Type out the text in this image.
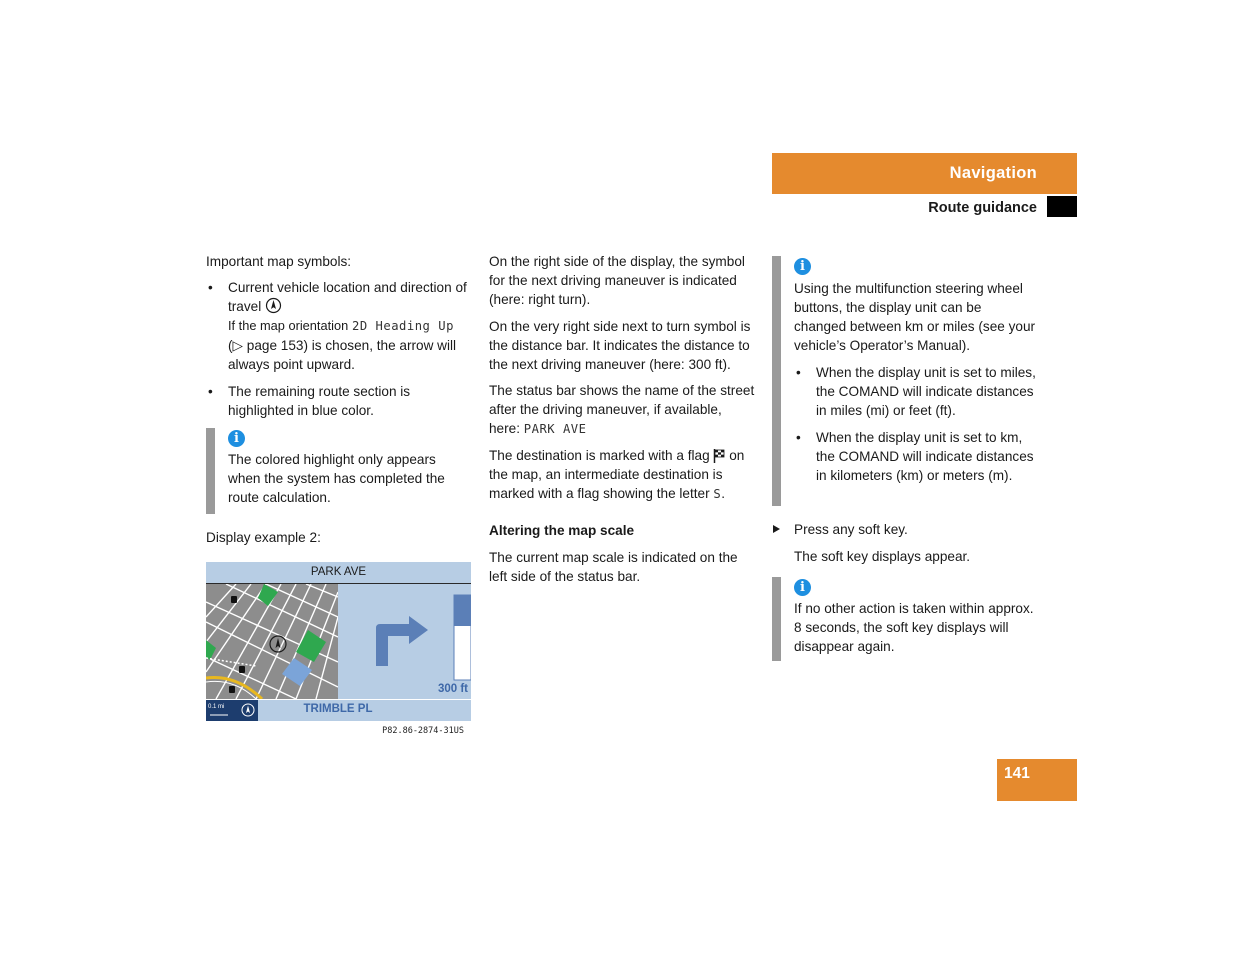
Navigation
Route guidance

Important map symbols:

• Current vehicle location and direction of travel
If the map orientation 2D Heading Up (▷ page 153) is chosen, the arrow will always point upward.
• The remaining route section is highlighted in blue color.
i

The colored highlight only appears when the system has completed the route calculation.

Display example 2:

PARK AVE
300 ft
0.1 mi	TRIMBLE PL
P82.86-2874-31US

On the right side of the display, the symbol for the next driving maneuver is indicated (here: right turn).

On the very right side next to turn symbol is the distance bar. It indicates the distance to the next driving maneuver (here: 300 ft).

The status bar shows the name of the street after the driving maneuver, if available, here: PARK AVE

The destination is marked with a flag on the map, an intermediate destination is marked with a flag showing the letter S.

Altering the map scale

The current map scale is indicated on the left side of the status bar.

i

Using the multifunction steering wheel buttons, the display unit can be changed between km or miles (see your vehicle’s Operator’s Manual).

• When the display unit is set to miles, the COMAND will indicate distances in miles (mi) or feet (ft).
• When the display unit is set to km, the COMAND will indicate distances in kilometers (km) or meters (m).
Press any soft key.

The soft key displays appear.

i

If no other action is taken within approx. 8 seconds, the soft key displays will disappear again.

141
